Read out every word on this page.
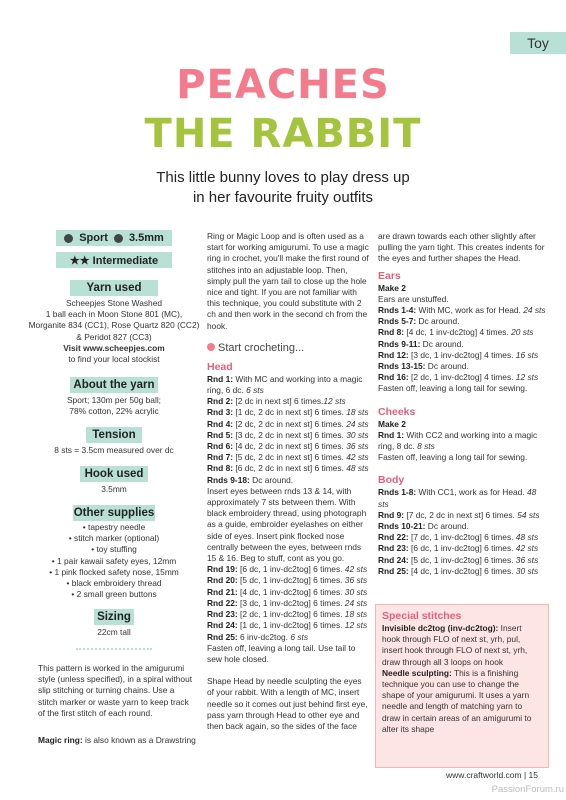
Toy
PEACHES
THE RABBIT
This little bunny loves to play dress up
in her favourite fruity outfits
Sport 3.5mm
★★ Intermediate
Yarn used
Scheepjes Stone Washed
1 ball each in Moon Stone 801 (MC),
Morganite 834 (CC1), Rose Quartz 820 (CC2)
& Peridot 827 (CC3)
Visit www.scheepjes.com
to find your local stockist
About the yarn
Sport; 130m per 50g ball;
78% cotton, 22% acrylic
Tension
8 sts = 3.5cm measured over dc
Hook used
3.5mm
Other supplies
• tapestry needle
• stitch marker (optional)
• toy stuffing
• 1 pair kawaii safety eyes, 12mm
• 1 pink flocked safety nose, 15mm
• black embroidery thread
• 2 small green buttons
Sizing
22cm tall
This pattern is worked in the amigurumi style (unless specified), in a spiral without slip stitching or turning chains. Use a stitch marker or waste yarn to keep track of the first stitch of each round.
Magic ring: is also known as a Drawstring

Ring or Magic Loop and is often used as a start for working amigurumi. To use a magic ring in crochet, you'll make the first round of stitches into an adjustable loop. Then, simply pull the yarn tail to close up the hole nice and tight. If you are not familiar with this technique, you could substitute with 2 ch and then work in the second ch from the hook.

Start crocheting...
Head

Rnd 1: With MC and working into a magic ring, 6 dc. 6 sts

Rnd 2: [2 dc in next st] 6 times.12 sts

Rnd 3: [1 dc, 2 dc in next st] 6 times. 18 sts

Rnd 4: [2 dc, 2 dc in next st] 6 times. 24 sts

Rnd 5: [3 dc, 2 dc in next st] 6 times. 30 sts

Rnd 6: [4 dc, 2 dc in next st] 6 times. 36 sts

Rnd 7: [5 dc, 2 dc in next st] 6 times. 42 sts

Rnd 8: [6 dc, 2 dc in next st] 6 times. 48 sts

Rnds 9-18: Dc around.

Insert eyes between rnds 13 & 14, with approximately 7 sts between them. With black embroidery thread, using photograph as a guide, embroider eyelashes on either side of eyes. Insert pink flocked nose centrally between the eyes, between rnds 15 & 16. Beg to stuff, cont as you go.

Rnd 19: [6 dc, 1 inv-dc2tog] 6 times. 42 sts

Rnd 20: [5 dc, 1 inv-dc2tog] 6 times. 36 sts

Rnd 21: [4 dc, 1 inv-dc2tog] 6 times. 30 sts

Rnd 22: [3 dc, 1 inv-dc2tog] 6 times. 24 sts

Rnd 23: [2 dc, 1 inv-dc2tog] 6 times. 18 sts

Rnd 24: [1 dc, 1 inv-dc2tog] 6 times. 12 sts

Rnd 25: 6 inv-dc2tog. 6 sts

Fasten off, leaving a long tail. Use tail to sew hole closed.

Shape Head by needle sculpting the eyes of your rabbit. With a length of MC, insert needle so it comes out just behind first eye, pass yarn through Head to other eye and then back again, so the sides of the face

are drawn towards each other slightly after pulling the yarn tight. This creates indents for the eyes and further shapes the Head.

Ears

Make 2

Ears are unstuffed.

Rnds 1-4: With MC, work as for Head. 24 sts

Rnds 5-7: Dc around.

Rnd 8: [4 dc, 1 inv-dc2tog] 4 times. 20 sts

Rnds 9-11: Dc around.

Rnd 12: [3 dc, 1 inv-dc2tog] 4 times. 16 sts

Rnds 13-15: Dc around.

Rnd 16: [2 dc, 1 inv-dc2tog] 4 times. 12 sts

Fasten off, leaving a long tail for sewing.

Cheeks

Make 2

Rnd 1: With CC2 and working into a magic ring, 8 dc. 8 sts

Fasten off, leaving a long tail for sewing.

Body

Rnds 1-8: With CC1, work as for Head. 48 sts

Rnd 9: [7 dc, 2 dc in next st] 6 times. 54 sts

Rnds 10-21: Dc around.

Rnd 22: [7 dc, 1 inv-dc2tog] 6 times. 48 sts

Rnd 23: [6 dc, 1 inv-dc2tog] 6 times. 42 sts

Rnd 24: [5 dc, 1 inv-dc2tog] 6 times. 36 sts

Rnd 25: [4 dc, 1 inv-dc2tog] 6 times. 30 sts

Special stitches

Invisible dc2tog (inv-dc2tog): Insert hook through FLO of next st, yrh, pul, insert hook through FLO of next st, yrh, draw through all 3 loops on hook

Needle sculpting: This is a finishing technique you can use to change the shape of your amigurumi. It uses a yarn needle and length of matching yarn to draw in certain areas of an amigurumi to alter its shape

www.craftworld.com | 15
PassionForum.ru
